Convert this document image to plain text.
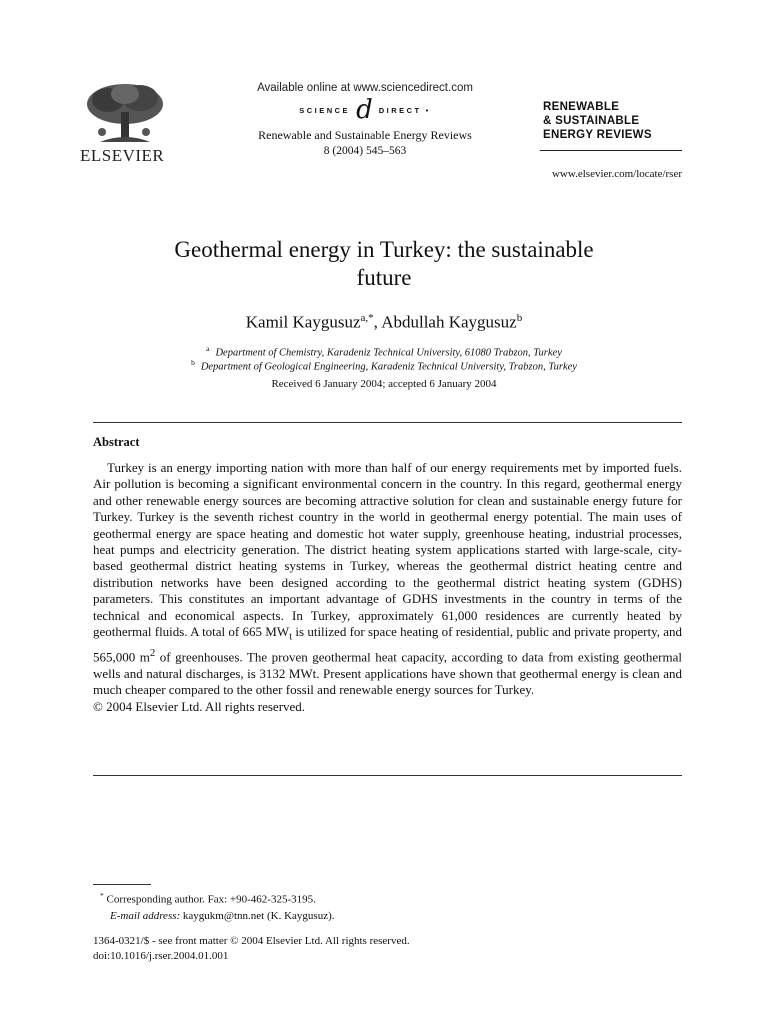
ELSEVIER
Available online at www.sciencedirect.com
SCIENCE d DIRECT •
Renewable and Sustainable Energy Reviews
8 (2004) 545–563
RENEWABLE
& SUSTAINABLE
ENERGY REVIEWS
www.elsevier.com/locate/rser
Geothermal energy in Turkey: the sustainable
future
Kamil Kaygusuz$^{a,*}$, Abdullah Kaygusuz$^b$
$^a$ Department of Chemistry, Karadeniz Technical University, 61080 Trabzon, Turkey
$^b$ Department of Geological Engineering, Karadeniz Technical University, Trabzon, Turkey
Received 6 January 2004; accepted 6 January 2004
Abstract

Turkey is an energy importing nation with more than half of our energy requirements met by imported fuels. Air pollution is becoming a significant environmental concern in the country. In this regard, geothermal energy and other renewable energy sources are becoming attractive solution for clean and sustainable energy future for Turkey. Turkey is the seventh richest country in the world in geothermal energy potential. The main uses of geothermal energy are space heating and domestic hot water supply, greenhouse heating, industrial processes, heat pumps and electricity generation. The district heating system applications started with large-scale, city-based geothermal district heating systems in Turkey, whereas the geothermal district heating centre and distribution networks have been designed according to the geothermal district heating system (GDHS) parameters. This constitutes an important advantage of GDHS investments in the country in terms of the technical and economical aspects. In Turkey, approximately 61,000 residences are currently heated by geothermal fluids. A total of 665 $MW_t$ is utilized for space heating of residential, public and private property, and 565,000 $m^2$ of greenhouses. The proven geothermal heat capacity, according to data from existing geothermal wells and natural discharges, is 3132 MWt. Present applications have shown that geothermal energy is clean and much cheaper compared to the other fossil and renewable energy sources for Turkey.

© 2004 Elsevier Ltd. All rights reserved.
* Corresponding author. Fax: +90-462-325-3195.
E-mail address: kaygukm@tnn.net (K. Kaygusuz).
1364-0321/$ - see front matter © 2004 Elsevier Ltd. All rights reserved.
doi:10.1016/j.rser.2004.01.001
